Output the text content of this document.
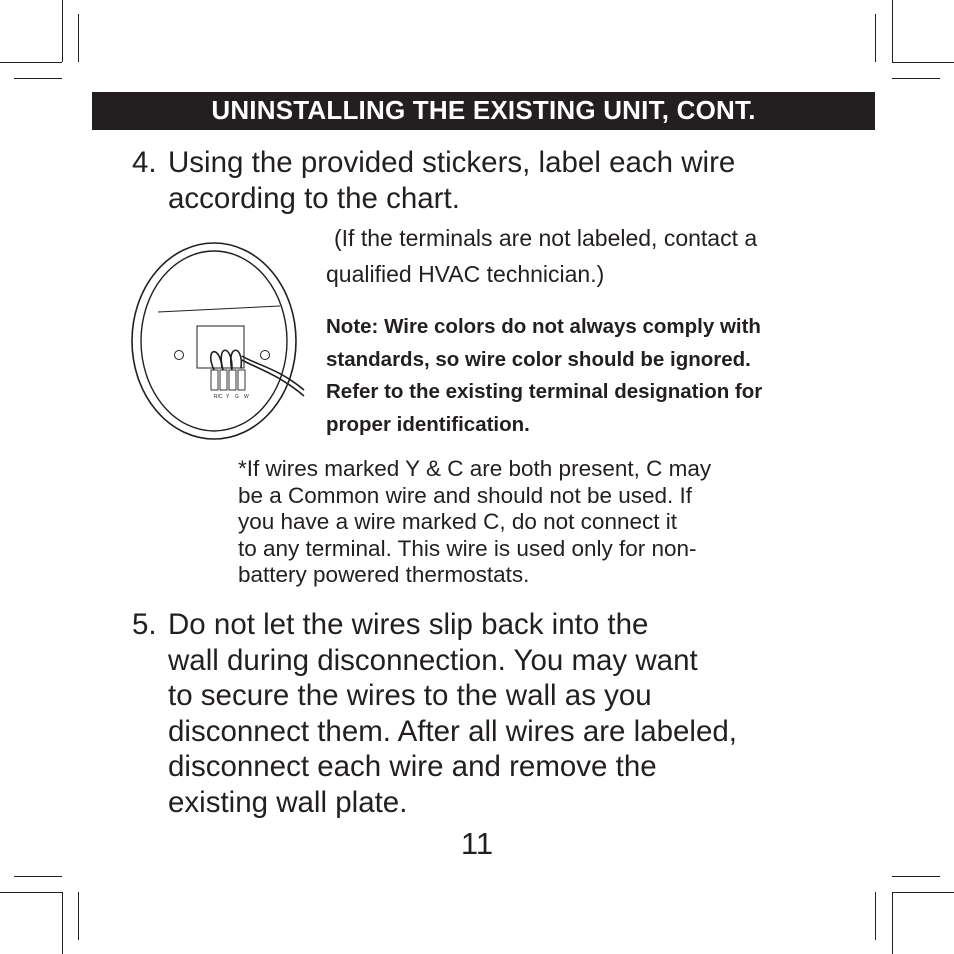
UNINSTALLING THE EXISTING UNIT, CONT.
4. Using the provided stickers, label each wire
according to the chart.
R/C Y G W
(If the terminals are not labeled, contact a qualified HVAC technician.)
Note: Wire colors do not always comply with standards, so wire color should be ignored. Refer to the existing terminal designation for proper identification.
*If wires marked Y & C are both present, C may
be a Common wire and should not be used. If
you have a wire marked C, do not connect it
to any terminal. This wire is used only for non-
battery powered thermostats.
5. Do not let the wires slip back into the
wall during disconnection. You may want
to secure the wires to the wall as you
disconnect them. After all wires are labeled,
disconnect each wire and remove the
existing wall plate.
11
